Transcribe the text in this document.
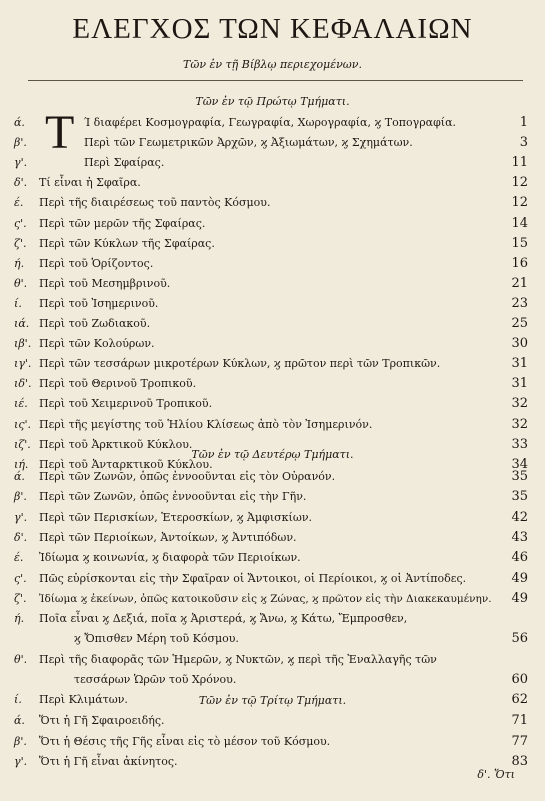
ΕΛΕΓΧΟΣ ΤΩΝ ΚΕΦΑΛΑΙΩΝ
Τῶν ἐν τῇ Βίβλῳ περιεχομένων.
Τ
Τῶν ἐν τῷ Πρώτῳ Τμήματι.
ά.	Ί διαφέρει Κοσμογραφία, Γεωγραφία, Χωρογραφία, ϗ Τοπογραφία.	1
β'.	Περὶ τῶν Γεωμετρικῶν Ἀρχῶν, ϗ Ἀξιωμάτων, ϗ Σχημάτων.	3
γ'.	Περὶ Σφαίρας.	11
δ'. Τί εἶναι ἡ Σφαῖρα.	12
έ. Περὶ τῆς διαιρέσεως τοῦ παντὸς Κόσμου.	12
ς'. Περὶ τῶν μερῶν τῆς Σφαίρας.	14
ζ'. Περὶ τῶν Κύκλων τῆς Σφαίρας.	15
ή. Περὶ τοῦ Ὁρίζοντος.	16
θ'. Περὶ τοῦ Μεσημβρινοῦ.	21
ί. Περὶ τοῦ Ἰσημερινοῦ.	23
ιά. Περὶ τοῦ Ζωδιακοῦ.	25
ιβ'. Περὶ τῶν Κολούρων.	30
ιγ'. Περὶ τῶν τεσσάρων μικροτέρων Κύκλων, ϗ πρῶτον περὶ τῶν Τροπικῶν.	31
ιδ'. Περὶ τοῦ Θερινοῦ Τροπικοῦ.	31
ιέ. Περὶ τοῦ Χειμερινοῦ Τροπικοῦ.	32
ις'. Περὶ τῆς μεγίστης τοῦ Ἡλίου Κλίσεως ἀπὸ τὸν Ἰσημερινόν.	32
ιζ'. Περὶ τοῦ Ἀρκτικοῦ Κύκλου.	33
ιή. Περὶ τοῦ Ἀνταρκτικοῦ Κύκλου.	34
Τῶν ἐν τῷ Δευτέρῳ Τμήματι.
ά. Περὶ τῶν Ζωνῶν, ὁπῶς ἐννοοῦνται εἰς τὸν Οὐρανόν.	35
β'. Περὶ τῶν Ζωνῶν, ὁπῶς ἐννοοῦνται εἰς τὴν Γῆν.	35
γ'. Περὶ τῶν Περισκίων, Ἑτεροσκίων, ϗ Ἀμφισκίων.	42
δ'. Περὶ τῶν Περιοίκων, Ἀντοίκων, ϗ Ἀντιπόδων.	43
έ. Ἰδίωμα ϗ κοινωνία, ϗ διαφορὰ τῶν Περιοίκων.	46
ς'. Πῶς εὑρίσκονται εἰς τὴν Σφαῖραν οἱ Ἄντοικοι, οἱ Περίοικοι, ϗ οἱ Ἀντίποδες.	49
ζ'. Ἰδίωμα ϗ ἐκείνων, ὁπῶς κατοικοῦσιν εἰς ϗ Ζώνας, ϗ πρῶτον εἰς τὴν Διακεκαυμένην. 49
ή. Ποῖα εἶναι ϗ Δεξιά, ποῖα ϗ Ἀριστερά, ϗ Ἄνω, ϗ Κάτω, Ἔμπροσθεν,
ϗ Ὄπισθεν Μέρη τοῦ Κόσμου.	56
θ'. Περὶ τῆς διαφορᾶς τῶν Ἡμερῶν, ϗ Νυκτῶν, ϗ περὶ τῆς Ἐναλλαγῆς τῶν
τεσσάρων Ὡρῶν τοῦ Χρόνου.	60
ί. Περὶ Κλιμάτων.	62
Τῶν ἐν τῷ Τρίτῳ Τμήματι.
ά. Ὅτι ἡ Γῆ Σφαιροειδής.	71
β'. Ὅτι ἡ Θέσις τῆς Γῆς εἶναι εἰς τὸ μέσον τοῦ Κόσμου.	77
γ'. Ὅτι ἡ Γῆ εἶναι ἀκίνητος.	83
δ'. Ὅτι
